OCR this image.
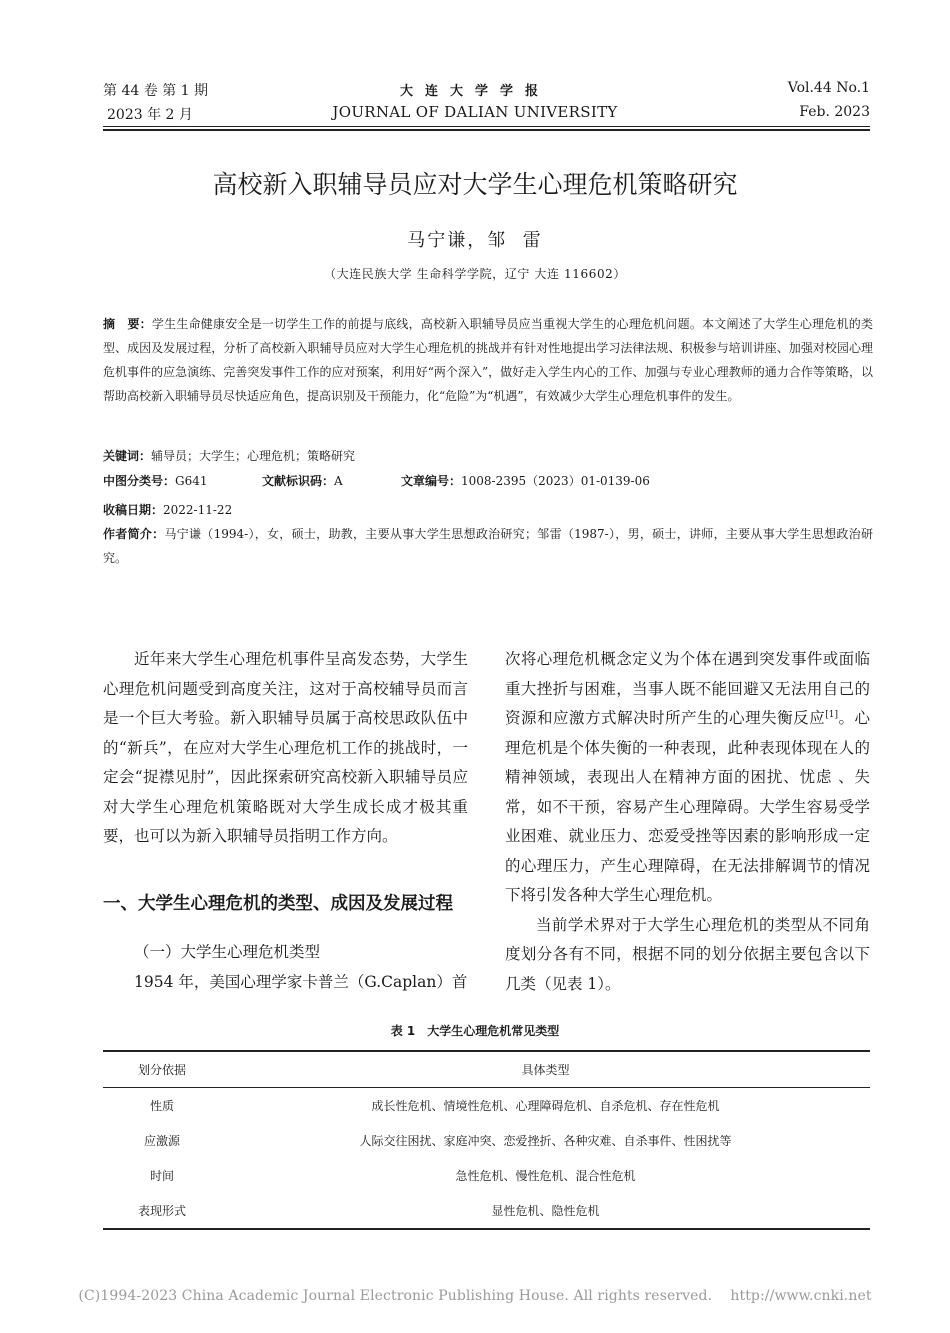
第 44 卷 第 1 期
2023 年 2 月
大连大学学报
JOURNAL OF DALIAN UNIVERSITY
Vol.44 No.1
Feb. 2023
高校新入职辅导员应对大学生心理危机策略研究
马宁谦，邹  雷
（大连民族大学 生命科学学院，辽宁 大连 116602）
摘　要：学生生命健康安全是一切学生工作的前提与底线，高校新入职辅导员应当重视大学生的心理危机问题。本文阐述了大学生心理危机的类型、成因及发展过程，分析了高校新入职辅导员应对大学生心理危机的挑战并有针对性地提出学习法律法规、积极参与培训讲座、加强对校园心理危机事件的应急演练、完善突发事件工作的应对预案，利用好“两个深入”，做好走入学生内心的工作、加强与专业心理教师的通力合作等策略，以帮助高校新入职辅导员尽快适应角色，提高识别及干预能力，化“危险”为“机遇”，有效减少大学生心理危机事件的发生。
关键词：辅导员；大学生；心理危机；策略研究
中图分类号：G641	文献标识码：A	文章编号：1008-2395（2023）01-0139-06
收稿日期：2022-11-22
作者简介：马宁谦（1994-），女，硕士，助教，主要从事大学生思想政治研究；邹雷（1987-），男，硕士，讲师，主要从事大学生思想政治研究。

近年来大学生心理危机事件呈高发态势，大学生心理危机问题受到高度关注，这对于高校辅导员而言是一个巨大考验。新入职辅导员属于高校思政队伍中的“新兵”，在应对大学生心理危机工作的挑战时，一定会“捉襟见肘”，因此探索研究高校新入职辅导员应对大学生心理危机策略既对大学生成长成才极其重要，也可以为新入职辅导员指明工作方向。

一、大学生心理危机的类型、成因及发展过程
（一）大学生心理危机类型

1954 年，美国心理学家卡普兰（G.Caplan）首

次将心理危机概念定义为个体在遇到突发事件或面临重大挫折与困难，当事人既不能回避又无法用自己的资源和应激方式解决时所产生的心理失衡反应[1]。心理危机是个体失衡的一种表现，此种表现体现在人的精神领域，表现出人在精神方面的困扰、忧虑 、失常，如不干预，容易产生心理障碍。大学生容易受学业困难、就业压力、恋爱受挫等因素的影响形成一定的心理压力，产生心理障碍，在无法排解调节的情况下将引发各种大学生心理危机。

当前学术界对于大学生心理危机的类型从不同角度划分各有不同，根据不同的划分依据主要包含以下几类（见表 1）。

表 1　大学生心理危机常见类型
划分依据	具体类型
性质	成长性危机、情境性危机、心理障碍危机、自杀危机、存在性危机
应激源	人际交往困扰、家庭冲突、恋爱挫折、各种灾难、自杀事件、性困扰等
时间	急性危机、慢性危机、混合性危机
表现形式	显性危机、隐性危机
(C)1994-2023 China Academic Journal Electronic Publishing House. All rights reserved.    http://www.cnki.net
